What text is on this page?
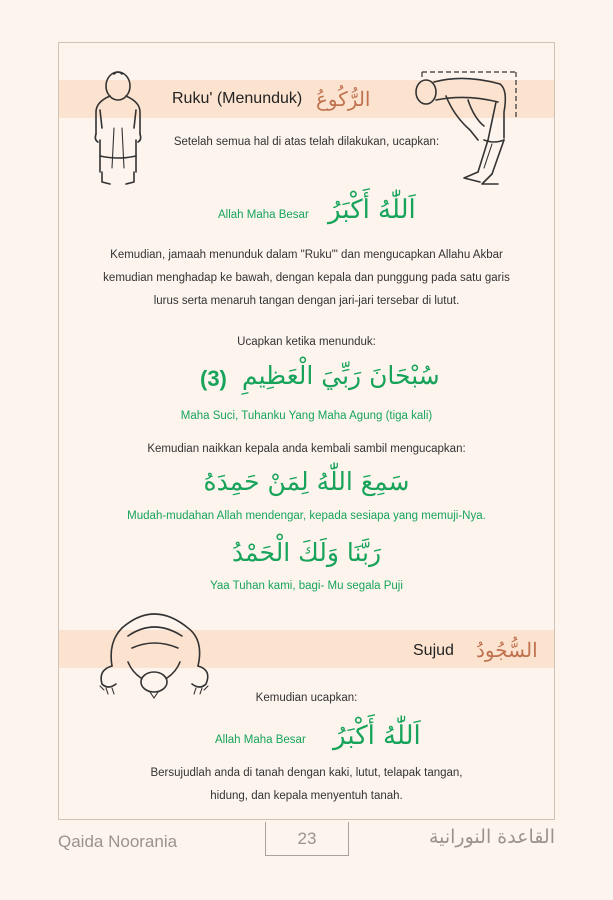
Ruku' (Menunduk) الرُّكُوعُ
Setelah semua hal di atas telah dilakukan, ucapkan:
Allah Maha Besar اَللّٰهُ أَكْبَرُ
Kemudian, jamaah menunduk dalam "Ruku'" dan mengucapkan Allahu Akbar
kemudian menghadap ke bawah, dengan kepala dan punggung pada satu garis
lurus serta menaruh tangan dengan jari-jari tersebar di lutut.
Ucapkan ketika menunduk:
(3) سُبْحَانَ رَبِّيَ الْعَظِيمِ
Maha Suci, Tuhanku Yang Maha Agung (tiga kali)
Kemudian naikkan kepala anda kembali sambil mengucapkan:
سَمِعَ اللّٰهُ لِمَنْ حَمِدَهُ
Mudah-mudahan Allah mendengar, kepada sesiapa yang memuji-Nya.
رَبَّنَا وَلَكَ الْحَمْدُ
Yaa Tuhan kami, bagi- Mu segala Puji
Sujud السُّجُودُ
Kemudian ucapkan:
Allah Maha Besar اَللّٰهُ أَكْبَرُ
Bersujudlah anda di tanah dengan kaki, lutut, telapak tangan,
hidung, dan kepala menyentuh tanah.
Qaida Noorania	23	القاعدة النورانية
